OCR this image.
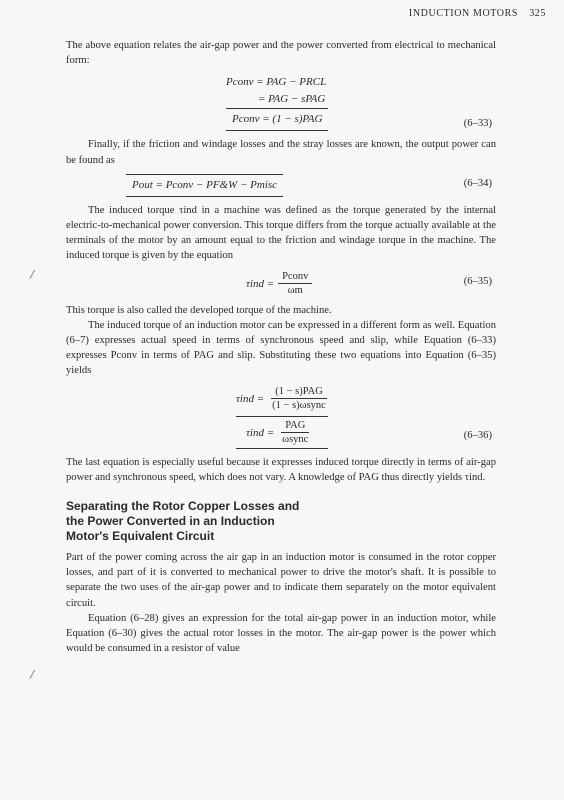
INDUCTION MOTORS 325
/
/

The above equation relates the air-gap power and the power converted from electrical to mechanical form:

Pconv = PAG − PRCL
= PAG − sPAG
Pconv = (1 − s)PAG	(6–33)

Finally, if the friction and windage losses and the stray losses are known, the output power can be found as

Pout = Pconv − PF&W − Pmisc	(6–34)

The induced torque τind in a machine was defined as the torque generated by the internal electric-to-mechanical power conversion. This torque differs from the torque actually available at the terminals of the motor by an amount equal to the friction and windage torque in the machine. The induced torque is given by the equation

$\tau ind = \frac{\text{Pconv}}{\omega m}$	(6–35)

This torque is also called the developed torque of the machine.

The induced torque of an induction motor can be expressed in a different form as well. Equation (6–7) expresses actual speed in terms of synchronous speed and slip, while Equation (6–33) expresses Pconv in terms of PAG and slip. Substituting these two equations into Equation (6–35) yields

$\tau ind = \frac{\text{(1 − s)PAG}}{\text{(1 − s)ωsync}}$
$\tau ind = \frac{\text{PAG}}{\text{ωsync}}$	(6–36)

The last equation is especially useful because it expresses induced torque directly in terms of air-gap power and synchronous speed, which does not vary. A knowledge of PAG thus directly yields τind.

Separating the Rotor Copper Losses and
the Power Converted in an Induction
Motor's Equivalent Circuit

Part of the power coming across the air gap in an induction motor is consumed in the rotor copper losses, and part of it is converted to mechanical power to drive the motor's shaft. It is possible to separate the two uses of the air-gap power and to indicate them separately on the motor equivalent circuit.

Equation (6–28) gives an expression for the total air-gap power in an induction motor, while Equation (6–30) gives the actual rotor losses in the motor. The air-gap power is the power which would be consumed in a resistor of value
